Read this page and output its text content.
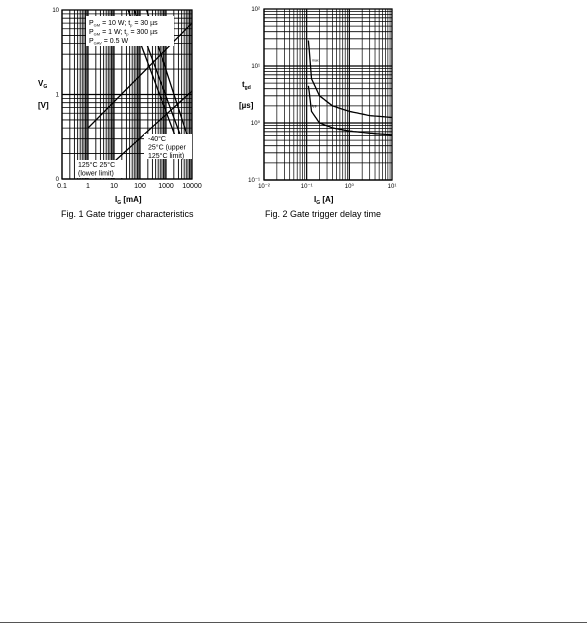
10
1
0
0.1	1	10 100 1000 10000
$V_G$
[V]
$I_G$ [mA]
$P_{GM} = 10$ W; $t_p = 30$ µs
$P_{GM} = 1$ W; $t_p = 300$ µs
$P_{GAV} = 0.5$ W
-40°C
25°C (upper
125°C limit)
125°C 25°C
(lower limit)
max
typ
10²
10¹
10⁰
10⁻¹
10⁻²	10⁻¹	10⁰	10¹
$t_{gd}$
[µs]
$I_G$ [A]
Fig. 1 Gate trigger characteristics	Fig. 2 Gate trigger delay time
